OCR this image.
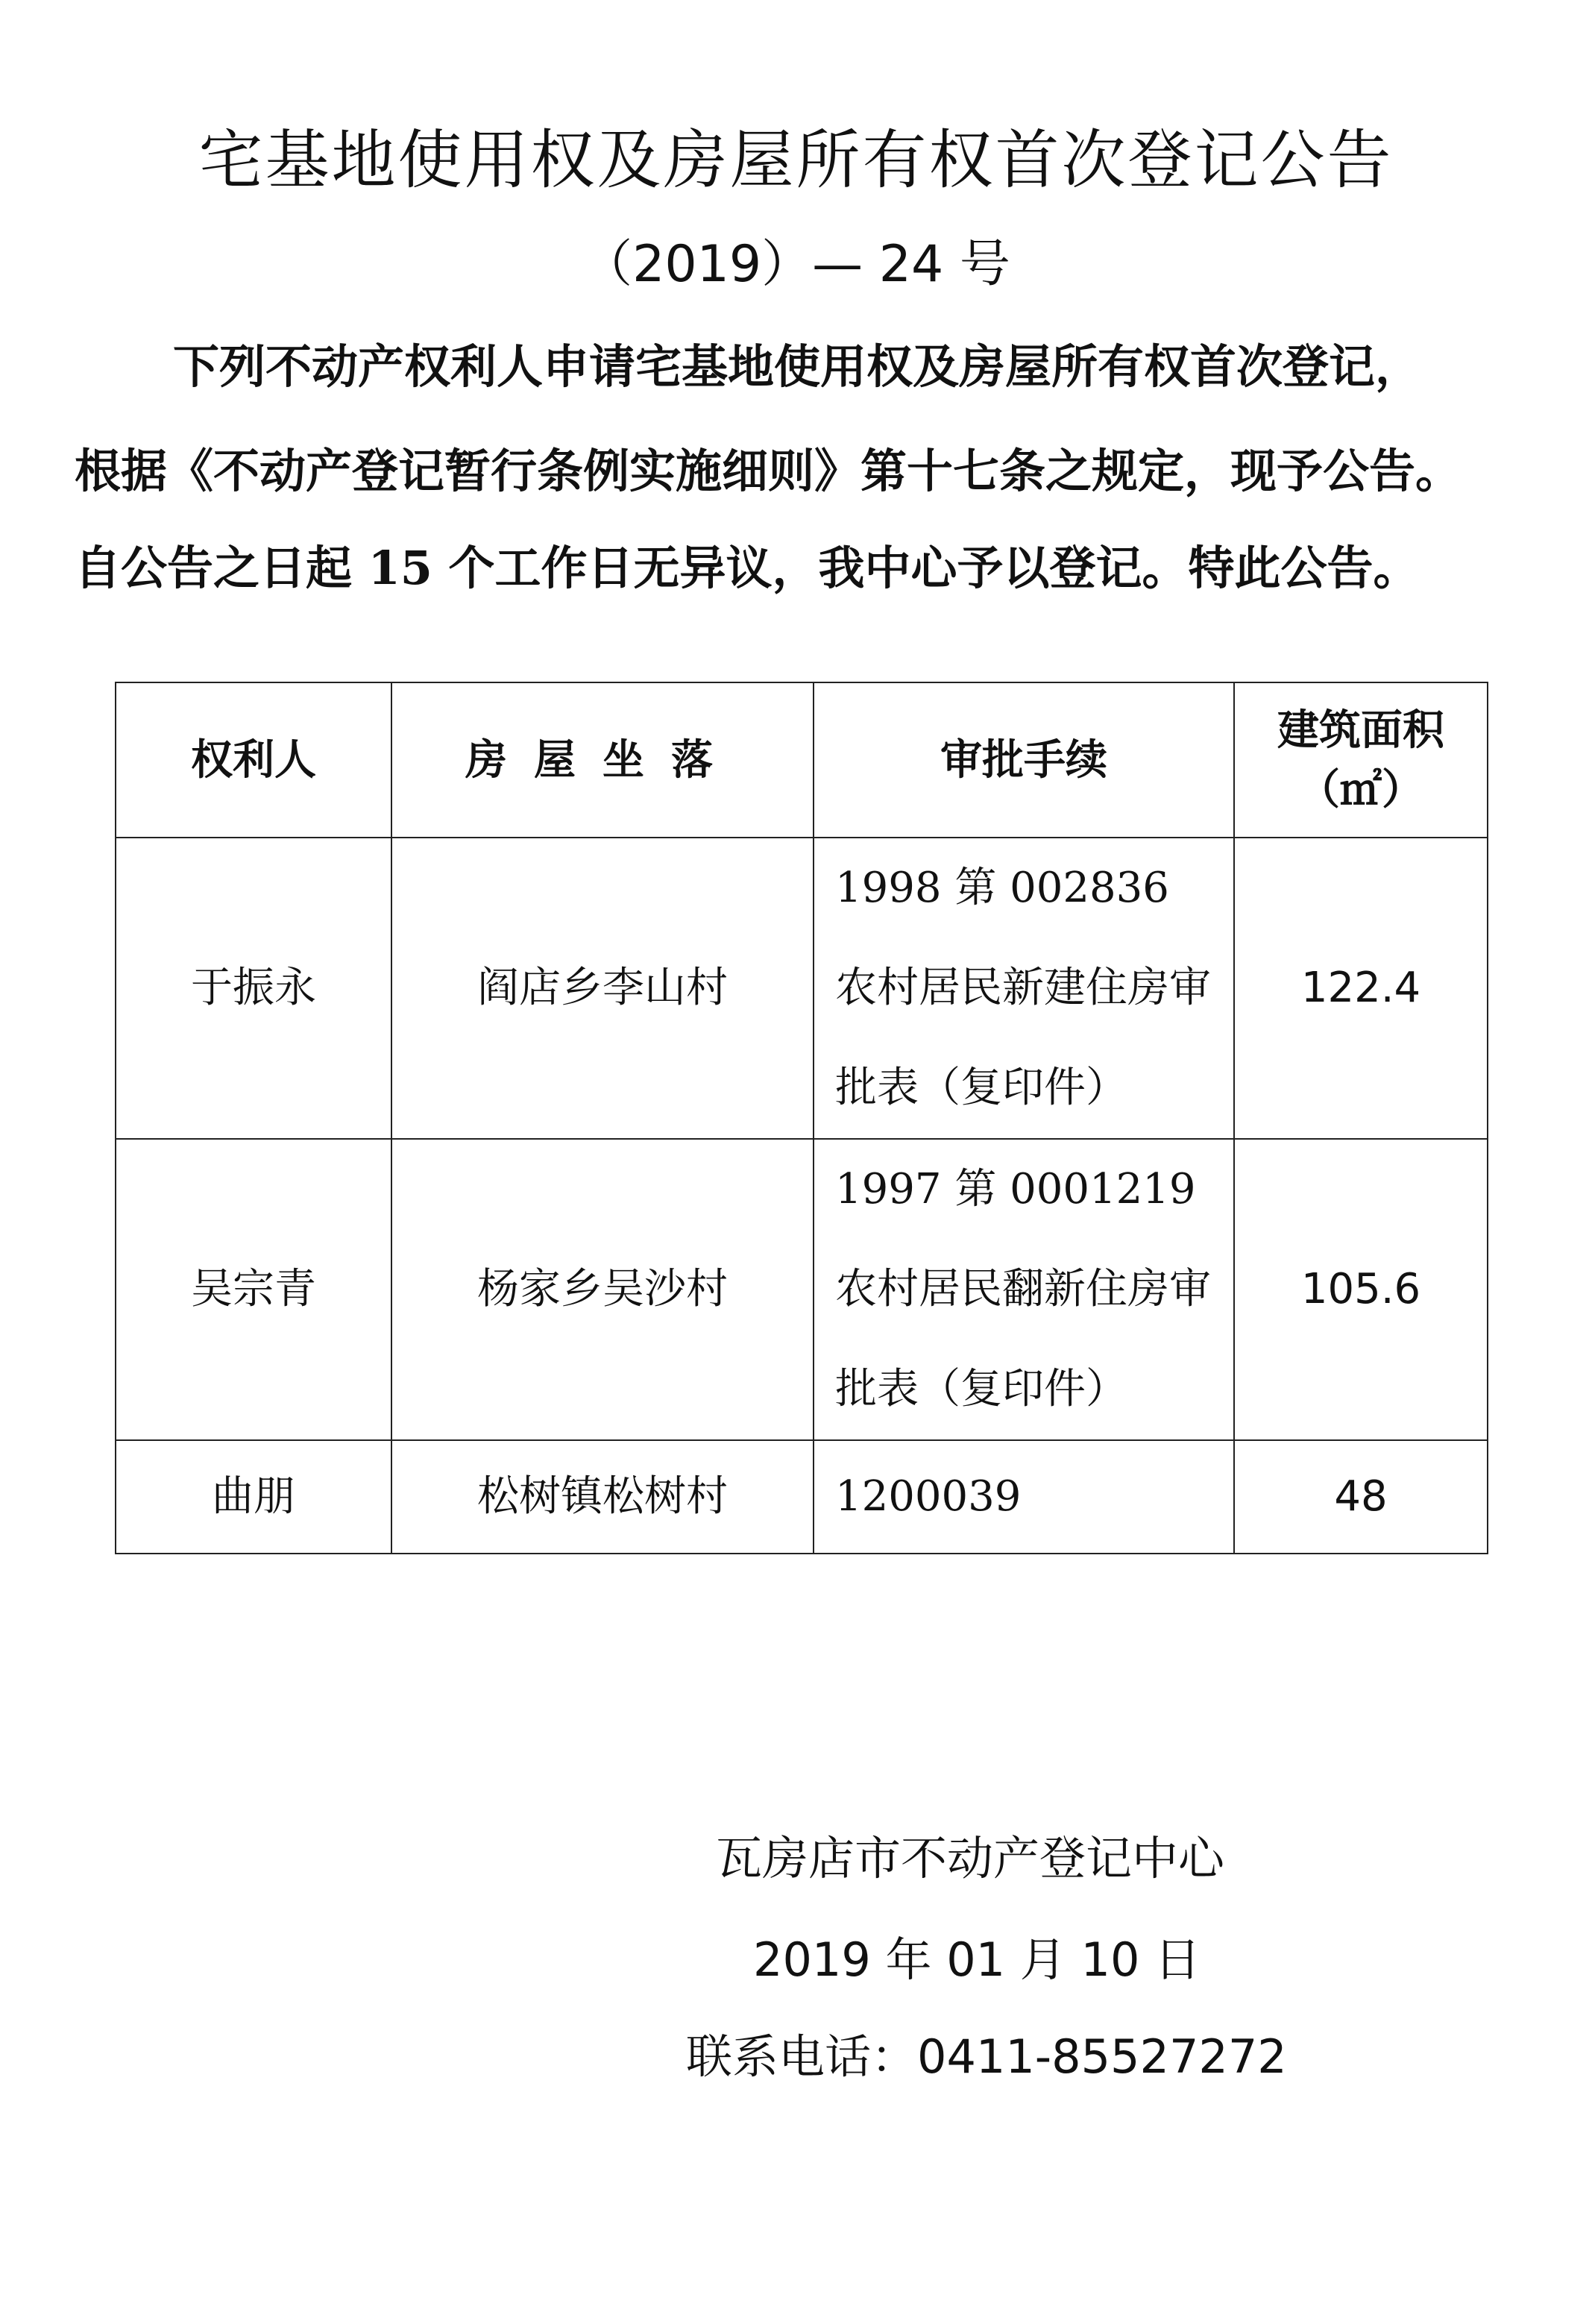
宅基地使用权及房屋所有权首次登记公告
（2019）— 24 号
下列不动产权利人申请宅基地使用权及房屋所有权首次登记，
根据《不动产登记暂行条例实施细则》第十七条之规定，现予公告。
自公告之日起 15 个工作日无异议，我中心予以登记。特此公告。
权利人	房屋坐落	审批手续	建筑面积
（㎡）

于振永	阎店乡李山村	1998 第 002836 农村居民新建住房审批表（复印件）	122.4
吴宗青	杨家乡吴沙村	1997 第 0001219 农村居民翻新住房审批表（复印件）	105.6
曲朋	松树镇松树村	1200039	48
瓦房店市不动产登记中心
2019 年 01 月 10 日
联系电话：0411-85527272
